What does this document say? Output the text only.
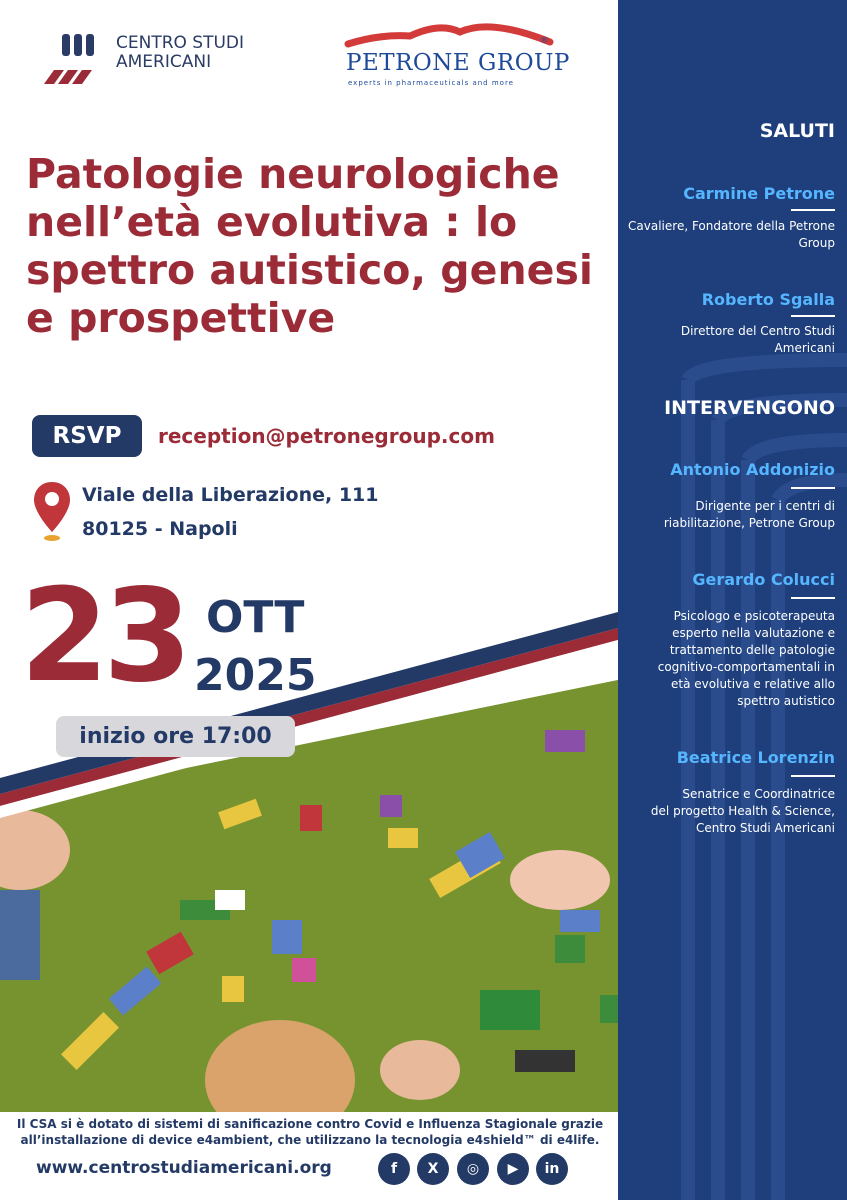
SALUTI
Carmine Petrone
Cavaliere, Fondatore della Petrone
Group
Roberto Sgalla
Direttore del Centro Studi
Americani
INTERVENGONO
Antonio Addonizio
Dirigente per i centri di
riabilitazione, Petrone Group
Gerardo Colucci
Psicologo e psicoterapeuta
esperto nella valutazione e
trattamento delle patologie
cognitivo-comportamentali in
età evolutiva e relative allo
spettro autistico
Beatrice Lorenzin
Senatrice e Coordinatrice
del progetto Health & Science,
Centro Studi Americani
CENTRO STUDI
AMERICANI	PETRONE GROUP
®
experts in pharmaceuticals and more
Patologie neurologiche nell’età evolutiva : lo spettro autistico, genesi e prospettive
RSVP	reception@petronegroup.com
Viale della Liberazione, 111
80125 - Napoli
23 OTT
2025
inizio ore 17:00
Il CSA si è dotato di sistemi di sanificazione contro Covid e Influenza Stagionale grazie
all’installazione di device e4ambient, che utilizzano la tecnologia e4shield™ di e4life.
www.centrostudiamericani.org	f	X	◎	▶	in
